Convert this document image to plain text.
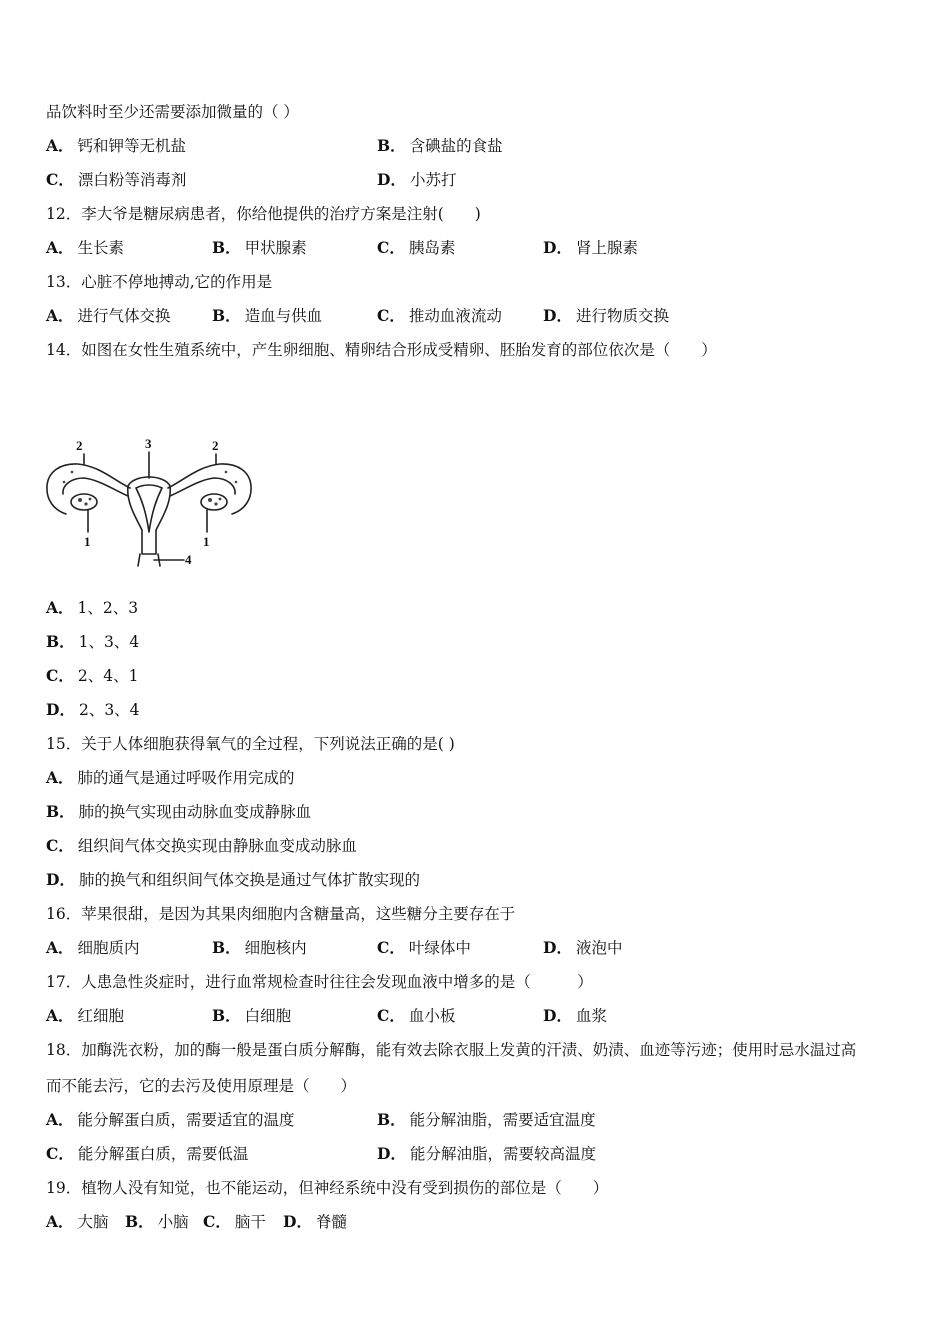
品饮料时至少还需要添加微量的（ ）
A． 钙和钾等无机盐	B． 含碘盐的食盐
C． 漂白粉等消毒剂	D． 小苏打
12．李大爷是糖尿病患者，你给他提供的治疗方案是注射(　　)
A． 生长素	B． 甲状腺素	C． 胰岛素	D． 肾上腺素
13．心脏不停地搏动,它的作用是
A． 进行气体交换	B． 造血与供血	C． 推动血液流动	D． 进行物质交换
14．如图在女性生殖系统中，产生卵细胞、精卵结合形成受精卵、胚胎发育的部位依次是（　　）
2	3	2
1	1
4
A． 1、2、3
B． 1、3、4
C． 2、4、1
D． 2、3、4
15．关于人体细胞获得氧气的全过程，下列说法正确的是( )
A． 肺的通气是通过呼吸作用完成的
B． 肺的换气实现由动脉血变成静脉血
C． 组织间气体交换实现由静脉血变成动脉血
D． 肺的换气和组织间气体交换是通过气体扩散实现的
16．苹果很甜，是因为其果肉细胞内含糖量高，这些糖分主要存在于
A． 细胞质内	B． 细胞核内	C． 叶绿体中	D． 液泡中
17．人患急性炎症时，进行血常规检查时往往会发现血液中增多的是（　　　）
A． 红细胞	B． 白细胞	C． 血小板	D． 血浆
18．加酶洗衣粉，加的酶一般是蛋白质分解酶，能有效去除衣服上发黄的汗渍、奶渍、血迹等污迹；使用时忌水温过高
而不能去污，它的去污及使用原理是（　　）
A． 能分解蛋白质，需要适宜的温度	B． 能分解油脂，需要适宜温度
C． 能分解蛋白质，需要低温	D． 能分解油脂，需要较高温度
19．植物人没有知觉，也不能运动，但神经系统中没有受到损伤的部位是（　　）
A． 大脑 B． 小脑 C． 脑干 D． 脊髓
